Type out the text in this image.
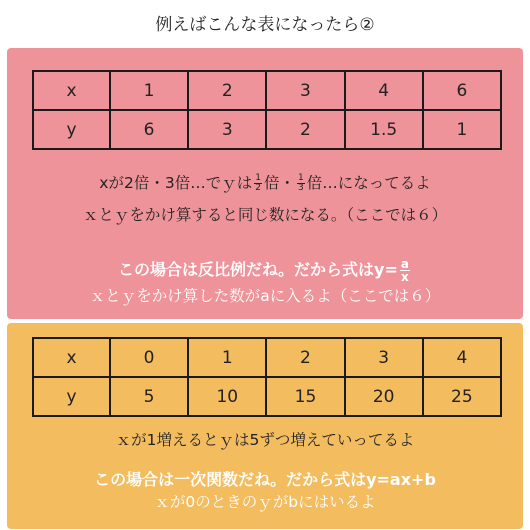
例えばこんな表になったら②
x	1	2	3	4	6
y	6	3	2	1.5	1
xが2倍・3倍…でｙは $\frac{1}{2}$ 倍・ $\frac{1}{3}$ 倍…になってるよ
ｘとｙをかけ算すると同じ数になる。（ここでは６）
この場合は反比例だね。だから式は$y= \frac{a}{x}$
ｘとｙをかけ算した数がaに入るよ（ここでは６）
x	0	1	2	3	4
y	5	10	15	20	25
ｘが1増えるとｙは5ずつ増えていってるよ
この場合は一次関数だね。だから式はy=ax+b
ｘが0のときのｙがbにはいるよ
